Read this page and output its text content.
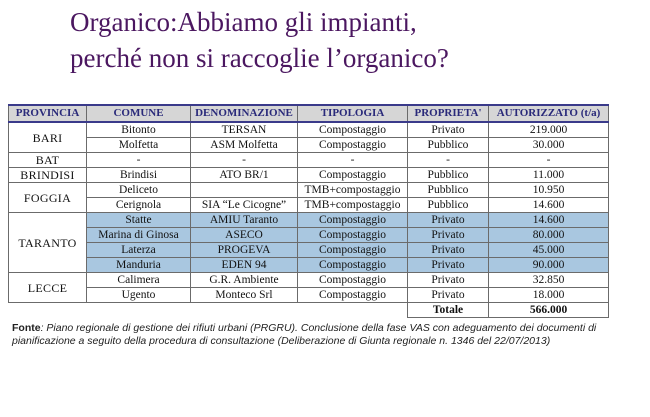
Organico:Abbiamo gli impianti,
perché non si raccoglie l’organico?
PROVINCIA	COMUNE	DENOMINAZIONE	TIPOLOGIA	PROPRIETA'	AUTORIZZATO (t/a)
BARI	Bitonto	TERSAN	Compostaggio	Privato	219.000
	Molfetta	ASM Molfetta	Compostaggio	Pubblico	30.000
BAT	-	-	-	-	-
BRINDISI	Brindisi	ATO BR/1	Compostaggio	Pubblico	11.000
FOGGIA	Deliceto		TMB+compostaggio	Pubblico	10.950
	Cerignola	SIA “Le Cicogne”	TMB+compostaggio	Pubblico	14.600
TARANTO	Statte	AMIU Taranto	Compostaggio	Privato	14.600
	Marina di Ginosa	ASECO	Compostaggio	Privato	80.000
	Laterza	PROGEVA	Compostaggio	Privato	45.000
	Manduria	EDEN 94	Compostaggio	Privato	90.000
LECCE	Calimera	G.R. Ambiente	Compostaggio	Privato	32.850
	Ugento	Monteco Srl	Compostaggio	Privato	18.000
				Totale	566.000
Fonte: Piano regionale di gestione dei rifiuti urbani (PRGRU). Conclusione della fase VAS con adeguamento dei documenti di pianificazione a seguito della procedura di consultazione (Deliberazione di Giunta regionale n. 1346 del 22/07/2013)
